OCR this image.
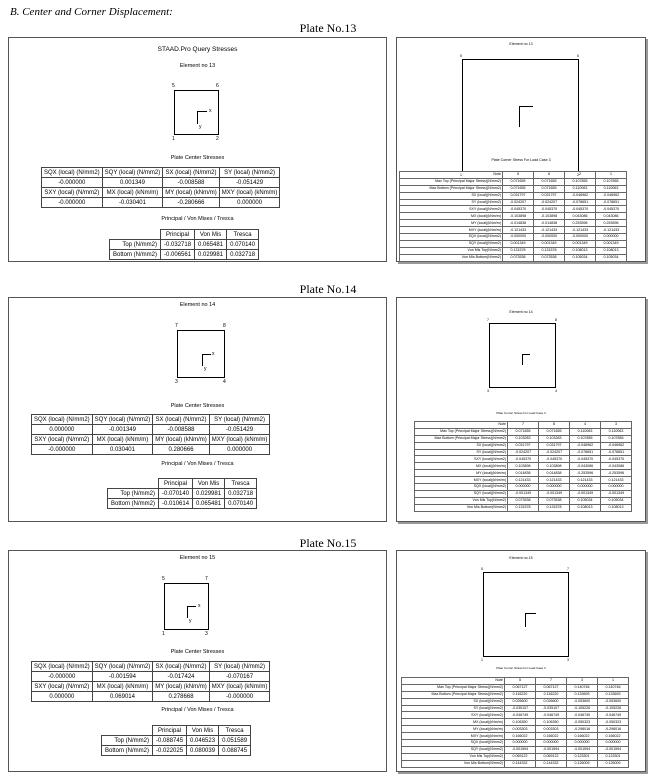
B. Center and Corner Displacement:
Plate No.13
STAAD.Pro Query Stresses
Element no 13
5	6
x
y
1	2
Plate Center Stresses
SQX (local) (N/mm2)	SQY (local) (N/mm2)	SX (local) (N/mm2)	SY (local) (N/mm2)
-0.000000	0.001349	-0.008588	-0.051429
SXY (local) (N/mm2)	MX (local) (kNm/m)	MY (local) (kNm/m)	MXY (local) (kNm/m)
-0.000000	-0.030401	-0.280666	0.000000
Principal / Von Mises / Tresca
	Principal	Von Mis	Tresca
Top (N/mm2)	-0.032718	0.065481	0.070140
Bottom (N/mm2)	-0.006561	0.029981	0.032718
Element no 13
5	6
1	2
Plate Corner Stress For Load Case 3
Note	5	6	2	1
Max Top (Principal Major Stress)(N/mm2)	0.071655	0.071655	0.107855	0.107855
Max Bottom (Principal Major Stress)(N/mm2)	0.071655	0.071655	0.110063	0.110063
SX (local)(N/mm2)	0.031797	0.031797	-0.046962	-0.046962
SY (local)(N/mm2)	-0.024207	-0.024207	-0.078651	-0.078651
SXY (local)(N/mm2)	-0.045370	-0.045370	-0.045370	-0.045370
MX (local)(kNm/m)	-0.103898	-0.103898	0.043086	0.043086
MY (local)(kNm/m)	-0.014838	-0.014838	0.253596	0.253596
MXY (local)(kNm/m)	-0.121433	-0.121433	-0.121433	-0.121433
SQX (local)(N/mm2)	-0.000000	-0.000000	-0.000000	0.000000
SQY (local)(N/mm2)	0.001349	0.001349	0.001349	0.001349
Von Mis Top(N/mm2)	0.131578	0.131578	0.108013	0.108013
Von Mis Bottom(N/mm2)	0.073538	0.073538	0.105034	0.105034
Plate No.14
Element no 14
7	8
x
y
3	4
Plate Center Stresses
SQX (local) (N/mm2)	SQY (local) (N/mm2)	SX (local) (N/mm2)	SY (local) (N/mm2)
0.000000	-0.001349	-0.008588	-0.051429
SXY (local) (N/mm2)	MX (local) (kNm/m)	MY (local) (kNm/m)	MXY (local) (kNm/m)
-0.000000	0.030401	0.280666	0.000000
Principal / Von Mises / Tresca
	Principal	Von Mis	Tresca
Top (N/mm2)	-0.070140	0.029981	0.032718
Bottom (N/mm2)	-0.010614	0.065481	0.070140
Element no 14
7	8
3	4
Plate Corner Stress For Load Case 3
Note	7	8	4	3
Max Top (Principal Major Stress)(N/mm2)	0.071655	0.071655	0.110063	0.110063
Max Bottom (Principal Major Stress)(N/mm2)	0.103283	0.103283	0.107855	0.107855
SX (local)(N/mm2)	0.031797	0.031797	-0.046962	-0.046962
SY (local)(N/mm2)	-0.024207	-0.024207	-0.078651	-0.078651
SXY (local)(N/mm2)	-0.045370	-0.045370	-0.045370	-0.045370
MX (local)(kNm/m)	0.103898	0.103898	-0.043086	-0.043086
MY (local)(kNm/m)	0.014838	0.014838	-0.253596	-0.253596
MXY (local)(kNm/m)	0.121433	0.121433	0.121433	0.121433
SQX (local)(N/mm2)	0.000000	0.000000	0.000000	0.000000
SQY (local)(N/mm2)	-0.001349	-0.001349	-0.001349	-0.001349
Von Mis Top(N/mm2)	0.073538	0.073538	0.105034	0.105034
Von Mis Bottom(N/mm2)	0.131578	0.131578	0.108013	0.108013
Plate No.15
Element no 15
5	7
x
y
1	3
Plate Center Stresses
SQX (local) (N/mm2)	SQY (local) (N/mm2)	SX (local) (N/mm2)	SY (local) (N/mm2)
-0.000000	-0.001594	-0.017424	-0.070167
SXY (local) (N/mm2)	MX (local) (kNm/m)	MY (local) (kNm/m)	MXY (local) (kNm/m)
0.000000	0.069014	0.278668	-0.000000
Principal / Von Mises / Tresca
	Principal	Von Mis	Tresca
Top (N/mm2)	-0.088745	0.046523	0.051589
Bottom (N/mm2)	-0.022025	0.080039	0.088745
Element no 15
5	7
1	3
Plate Corner Stress For Load Case 3
Note	5	7	3	1
Max Top (Principal Major Stress)(N/mm2)	0.067127	0.067127	0.140746	0.140746
Max Bottom (Principal Major Stress)(N/mm2)	0.116220	0.116220	0.133693	0.133693
SX (local)(N/mm2)	0.026600	0.026600	-0.053600	-0.053600
SY (local)(N/mm2)	-0.035107	-0.035107	-0.105226	-0.105226
SXY (local)(N/mm2)	-0.046749	-0.046749	-0.046749	-0.046749
MX (local)(kNm/m)	0.106350	0.106350	-0.050323	-0.050323
MY (local)(kNm/m)	0.003303	0.003303	-0.298016	-0.298016
MXY (local)(kNm/m)	0.166022	0.166022	0.166022	0.166022
SQX (local)(N/mm2)	0.000000	0.000000	0.000000	0.000000
SQY (local)(N/mm2)	-0.001594	-0.001594	-0.001594	-0.001594
Von Mis Top(N/mm2)	0.069122	0.069122	0.123301	0.123301
Von Mis Bottom(N/mm2)	0.144332	0.144332	0.126009	0.126009
